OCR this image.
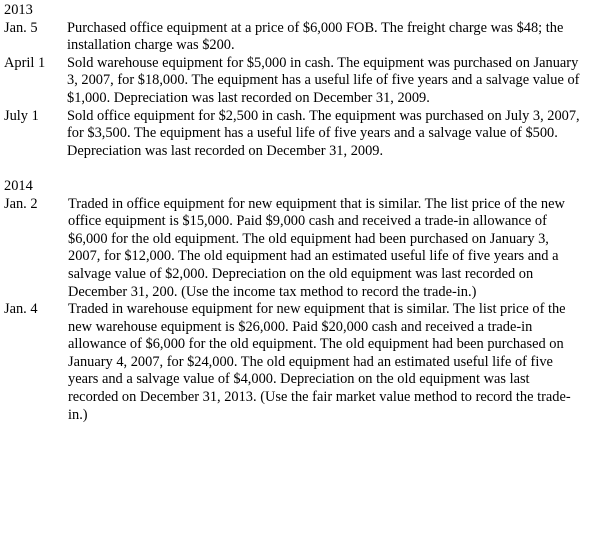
2013
Jan. 5	Purchased office equipment at a price of $6,000 FOB. The freight charge was $48; the installation charge was $200.
April 1	Sold warehouse equipment for $5,000 in cash. The equipment was purchased on January 3, 2007, for $18,000. The equipment has a useful life of five years and a salvage value of $1,000. Depreciation was last recorded on December 31, 2009.
July 1	Sold office equipment for $2,500 in cash. The equipment was purchased on July 3, 2007, for $3,500. The equipment has a useful life of five years and a salvage value of $500. Depreciation was last recorded on December 31, 2009.
2014
Jan. 2	Traded in office equipment for new equipment that is similar. The list price of the new office equipment is $15,000. Paid $9,000 cash and received a trade-in allowance of $6,000 for the old equipment. The old equipment had been purchased on January 3, 2007, for $12,000. The old equipment had an estimated useful life of five years and a salvage value of $2,000. Depreciation on the old equipment was last recorded on December 31, 200. (Use the income tax method to record the trade-in.)
Jan. 4	Traded in warehouse equipment for new equipment that is similar. The list price of the new warehouse equipment is $26,000. Paid $20,000 cash and received a trade-in allowance of $6,000 for the old equipment. The old equipment had been purchased on January 4, 2007, for $24,000. The old equipment had an estimated useful life of five years and a salvage value of $4,000. Depreciation on the old equipment was last recorded on December 31, 2013. (Use the fair market value method to record the trade-in.)
